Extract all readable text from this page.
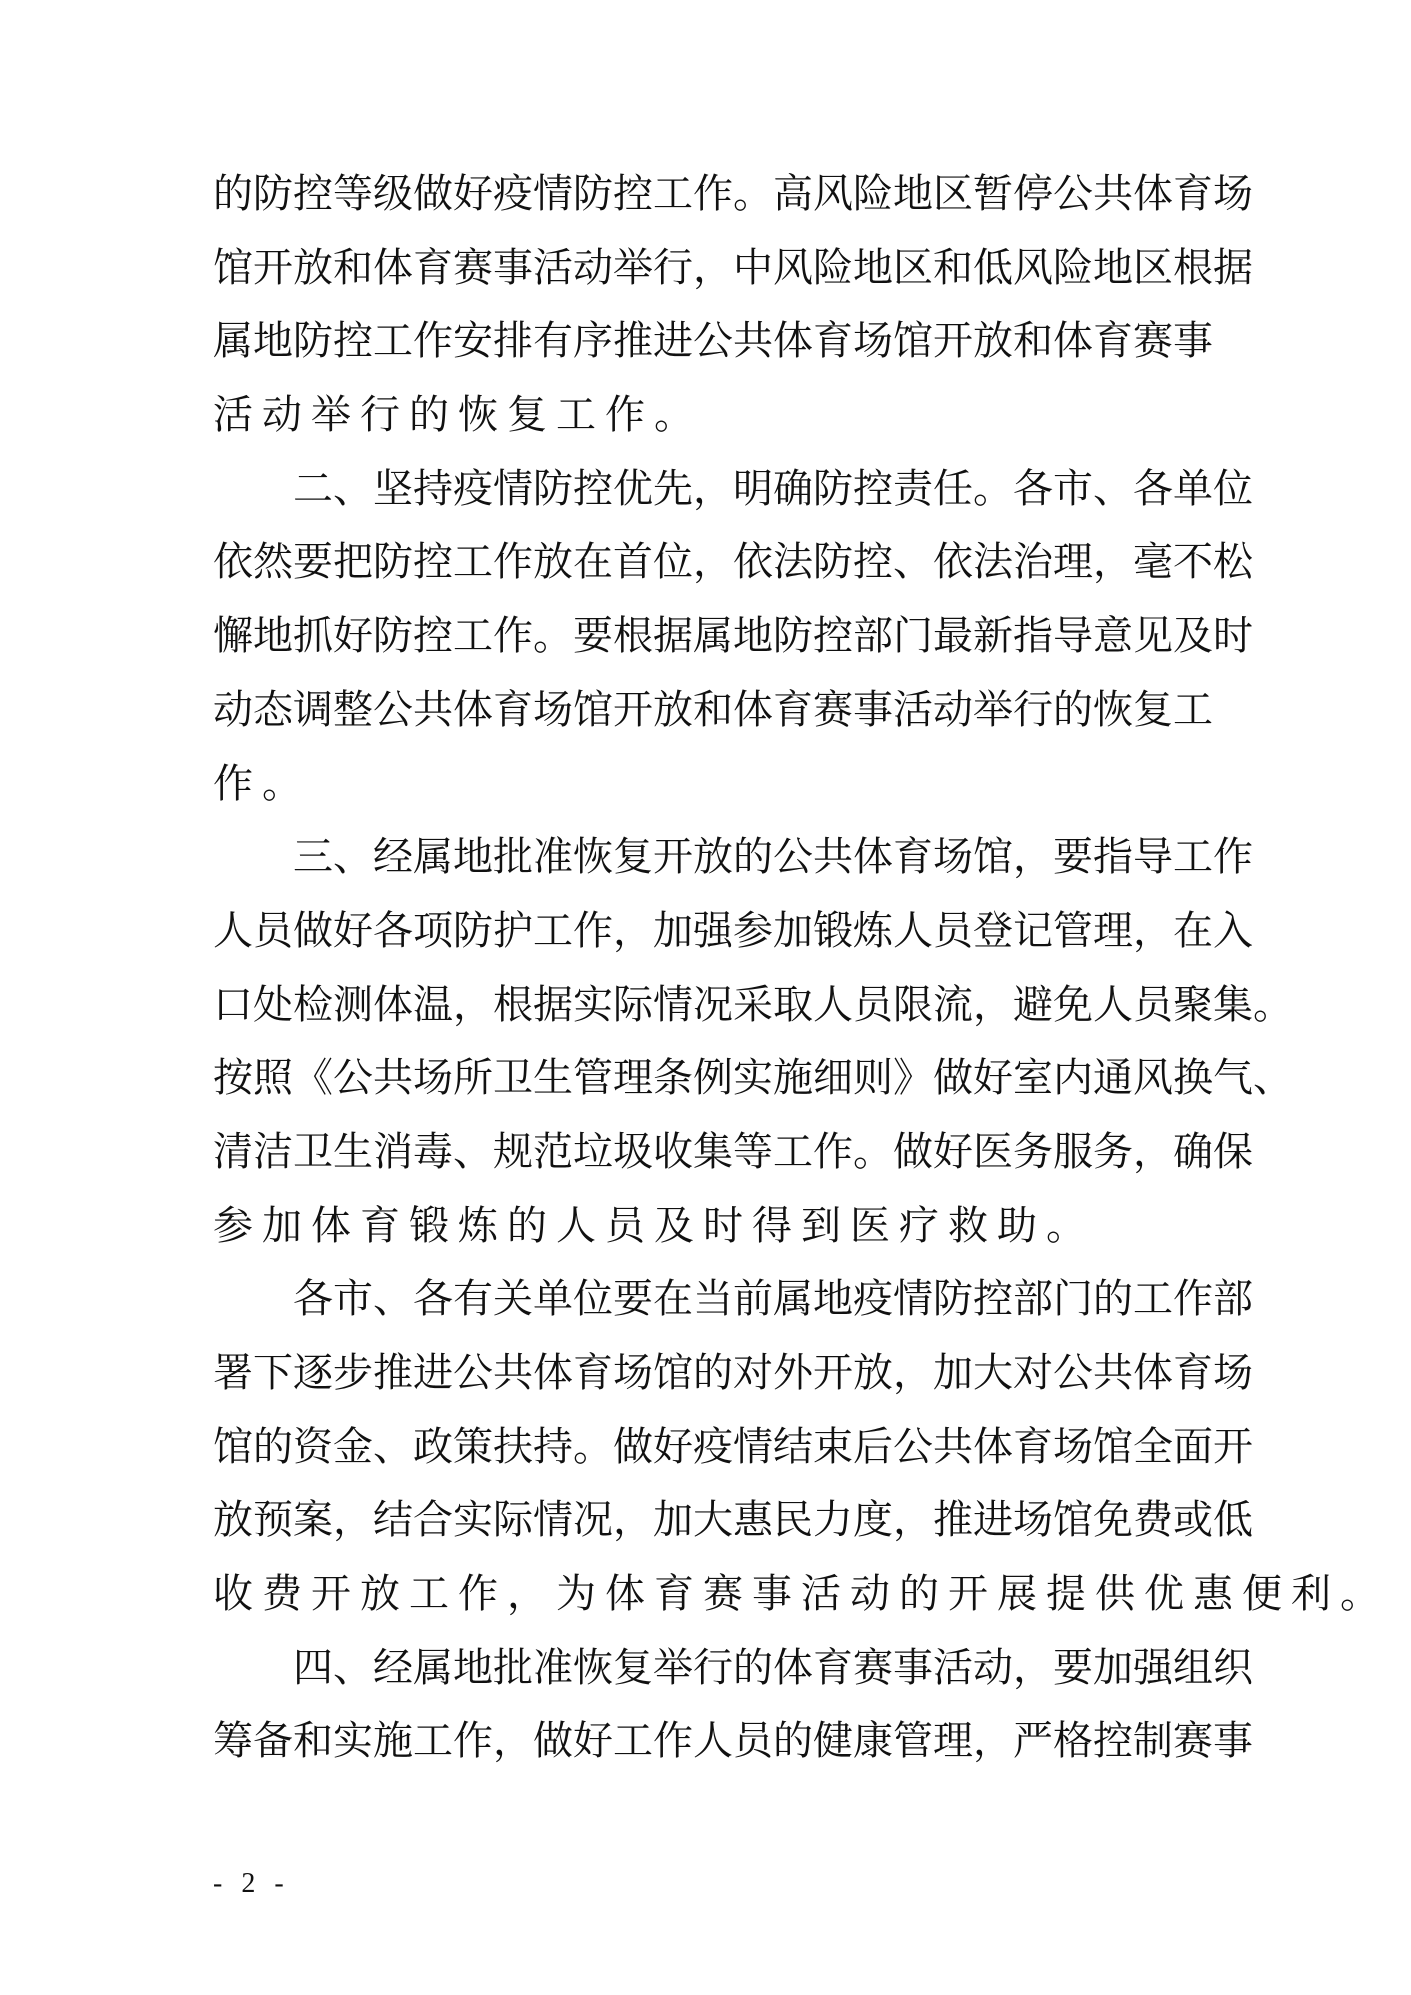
的防控等级做好疫情防控工作。高风险地区暂停公共体育场
馆开放和体育赛事活动举行，中风险地区和低风险地区根据
属地防控工作安排有序推进公共体育场馆开放和体育赛事
活动举行的恢复工作。
　　二、坚持疫情防控优先，明确防控责任。各市、各单位
依然要把防控工作放在首位，依法防控、依法治理，毫不松
懈地抓好防控工作。要根据属地防控部门最新指导意见及时
动态调整公共体育场馆开放和体育赛事活动举行的恢复工
作。
　　三、经属地批准恢复开放的公共体育场馆，要指导工作
人员做好各项防护工作，加强参加锻炼人员登记管理，在入
口处检测体温，根据实际情况采取人员限流，避免人员聚集。
按照《公共场所卫生管理条例实施细则》做好室内通风换气、
清洁卫生消毒、规范垃圾收集等工作。做好医务服务，确保
参加体育锻炼的人员及时得到医疗救助。
　　各市、各有关单位要在当前属地疫情防控部门的工作部
署下逐步推进公共体育场馆的对外开放，加大对公共体育场
馆的资金、政策扶持。做好疫情结束后公共体育场馆全面开
放预案，结合实际情况，加大惠民力度，推进场馆免费或低
收费开放工作，为体育赛事活动的开展提供优惠便利。
　　四、经属地批准恢复举行的体育赛事活动，要加强组织
筹备和实施工作，做好工作人员的健康管理，严格控制赛事
- 2 -
